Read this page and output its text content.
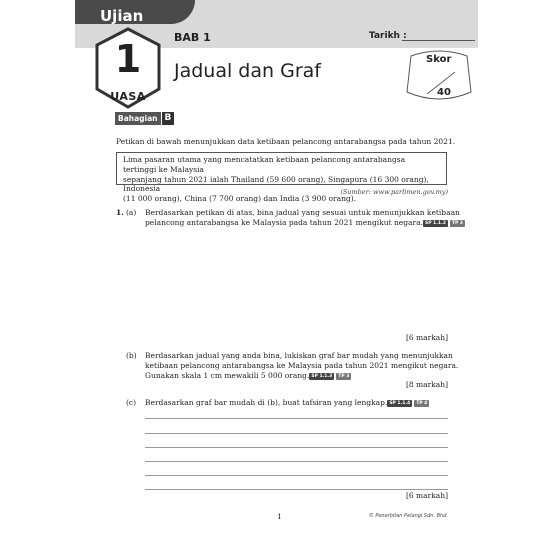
Ujian
1
UASA
BAB 1	Tarikh :
Jadual dan Graf
Skor
40
Bahagian B
Petikan di bawah menunjukkan data ketibaan pelancong antarabangsa pada tahun 2021.
Lima pasaran utama yang mencatatkan ketibaan pelancong antarabangsa tertinggi ke Malaysia
sepanjang tahun 2021 ialah Thailand (59 600 orang), Singapura (16 300 orang), Indonesia
(11 000 orang), China (7 700 orang) dan India (3 900 orang).
(Sumber: www.parlimen.gov.my)
1. (a) Berdasarkan petikan di atas, bina jadual yang sesuai untuk menunjukkan ketibaan
pelancong antarabangsa ke Malaysia pada tahun 2021 mengikut negara. SP 1.1.2 TP 3
[6 markah]
(b) Berdasarkan jadual yang anda bina, lukiskan graf bar mudah yang menunjukkan
ketibaan pelancong antarabangsa ke Malaysia pada tahun 2021 mengikut negara.
Gunakan skala 1 cm mewakili 5 000 orang. SP 1.1.3 TP 3
[8 markah]
(c) Berdasarkan graf bar mudah di (b), buat tafsiran yang lengkap. SP 1.1.4 TP 4
[6 markah]
1	© Penerbitan Pelangi Sdn. Bhd.
